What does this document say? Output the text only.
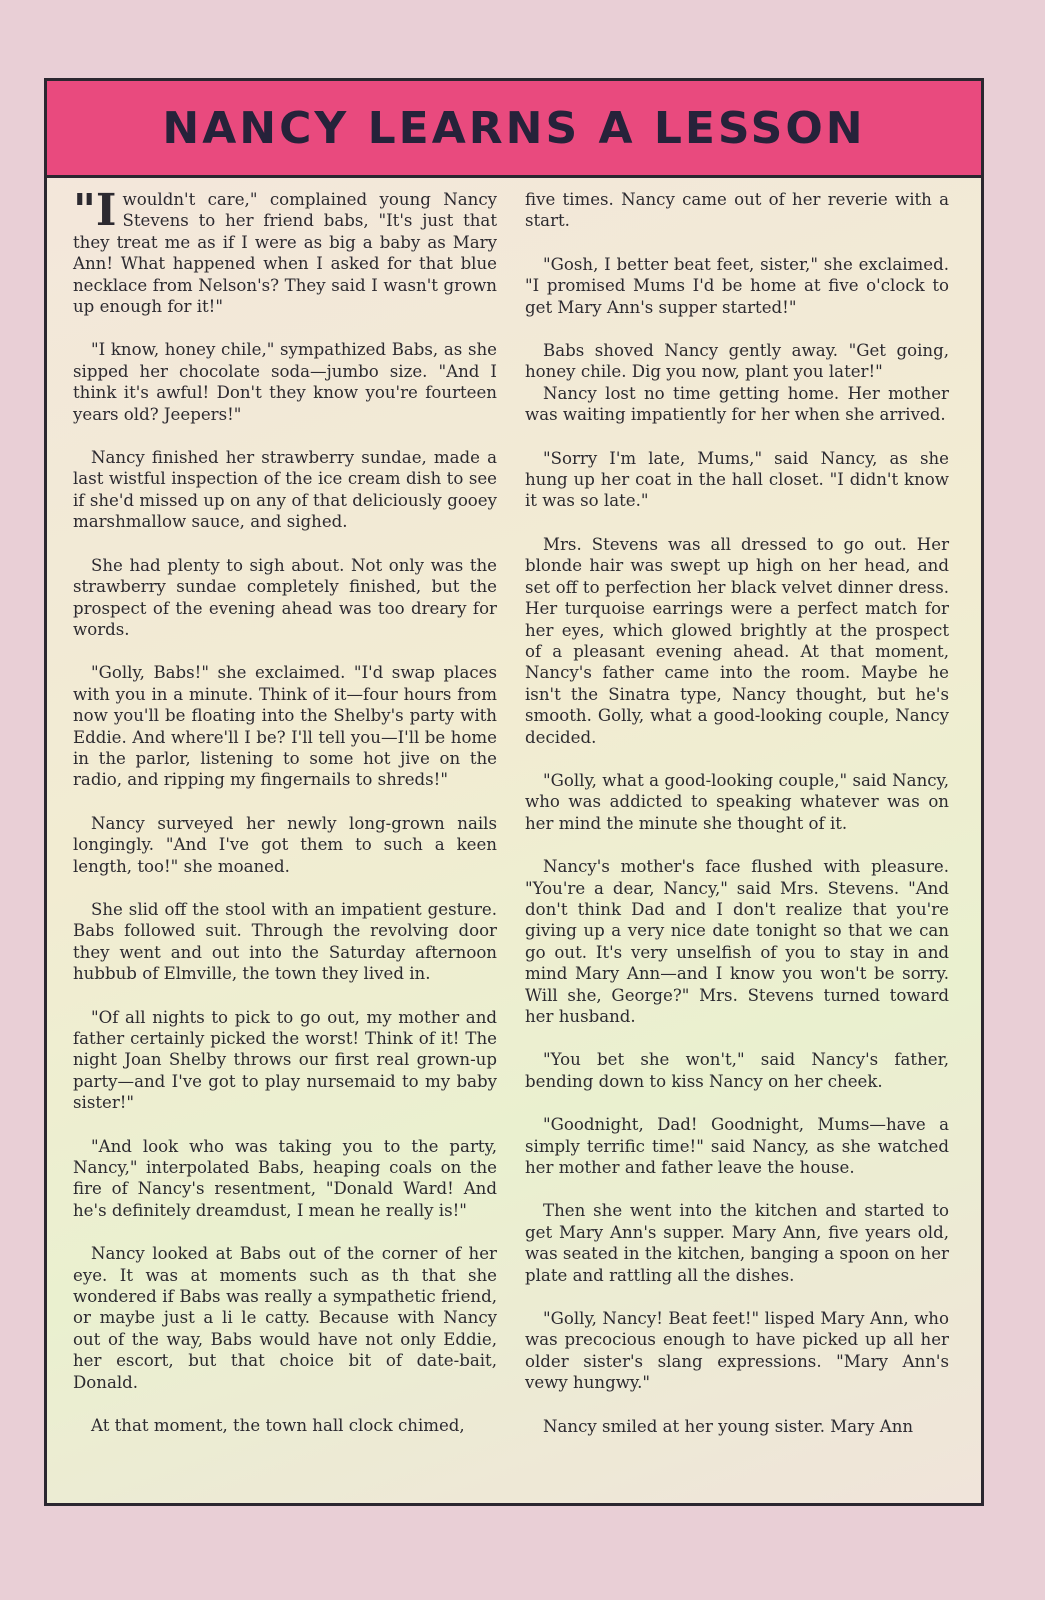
NANCY LEARNS A LESSON

"I wouldn't care," complained young Nancy Stevens to her friend babs, "It's just that they treat me as if I were as big a baby as Mary Ann! What happened when I asked for that blue necklace from Nelson's? They said I wasn't grown up enough for it!"

"I know, honey chile," sympathized Babs, as she sipped her chocolate soda—jumbo size. "And I think it's awful! Don't they know you're fourteen years old? Jeepers!"

Nancy finished her strawberry sundae, made a last wistful inspection of the ice cream dish to see if she'd missed up on any of that deliciously gooey marshmallow sauce, and sighed.

She had plenty to sigh about. Not only was the strawberry sundae completely finished, but the prospect of the evening ahead was too dreary for words.

"Golly, Babs!" she exclaimed. "I'd swap places with you in a minute. Think of it—four hours from now you'll be floating into the Shelby's party with Eddie. And where'll I be? I'll tell you—I'll be home in the parlor, listening to some hot jive on the radio, and ripping my fingernails to shreds!"

Nancy surveyed her newly long-grown nails longingly. "And I've got them to such a keen length, too!" she moaned.

She slid off the stool with an impatient gesture. Babs followed suit. Through the revolving door they went and out into the Saturday afternoon hubbub of Elmville, the town they lived in.

"Of all nights to pick to go out, my mother and father certainly picked the worst! Think of it! The night Joan Shelby throws our first real grown-up party—and I've got to play nursemaid to my baby sister!"

"And look who was taking you to the party, Nancy," interpolated Babs, heaping coals on the fire of Nancy's resentment, "Donald Ward! And he's definitely dreamdust, I mean he really is!"

Nancy looked at Babs out of the corner of her eye. It was at moments such as th that she wondered if Babs was really a sympathetic friend, or maybe just a li le catty. Because with Nancy out of the way, Babs would have not only Eddie, her escort, but that choice bit of date-bait, Donald.

At that moment, the town hall clock chimed,

five times. Nancy came out of her reverie with a start.

"Gosh, I better beat feet, sister," she exclaimed. "I promised Mums I'd be home at five o'clock to get Mary Ann's supper started!"

Babs shoved Nancy gently away. "Get going, honey chile. Dig you now, plant you later!"

Nancy lost no time getting home. Her mother was waiting impatiently for her when she arrived.

"Sorry I'm late, Mums," said Nancy, as she hung up her coat in the hall closet. "I didn't know it was so late."

Mrs. Stevens was all dressed to go out. Her blonde hair was swept up high on her head, and set off to perfection her black velvet dinner dress. Her turquoise earrings were a perfect match for her eyes, which glowed brightly at the prospect of a pleasant evening ahead. At that moment, Nancy's father came into the room. Maybe he isn't the Sinatra type, Nancy thought, but he's smooth. Golly, what a good-looking couple, Nancy decided.

"Golly, what a good-looking couple," said Nancy, who was addicted to speaking whatever was on her mind the minute she thought of it.

Nancy's mother's face flushed with pleasure. "You're a dear, Nancy," said Mrs. Stevens. "And don't think Dad and I don't realize that you're giving up a very nice date tonight so that we can go out. It's very unselfish of you to stay in and mind Mary Ann—and I know you won't be sorry. Will she, George?" Mrs. Stevens turned toward her husband.

"You bet she won't," said Nancy's father, bending down to kiss Nancy on her cheek.

"Goodnight, Dad! Goodnight, Mums—have a simply terrific time!" said Nancy, as she watched her mother and father leave the house.

Then she went into the kitchen and started to get Mary Ann's supper. Mary Ann, five years old, was seated in the kitchen, banging a spoon on her plate and rattling all the dishes.

"Golly, Nancy! Beat feet!" lisped Mary Ann, who was precocious enough to have picked up all her older sister's slang expressions. "Mary Ann's vewy hungwy."

Nancy smiled at her young sister. Mary Ann
